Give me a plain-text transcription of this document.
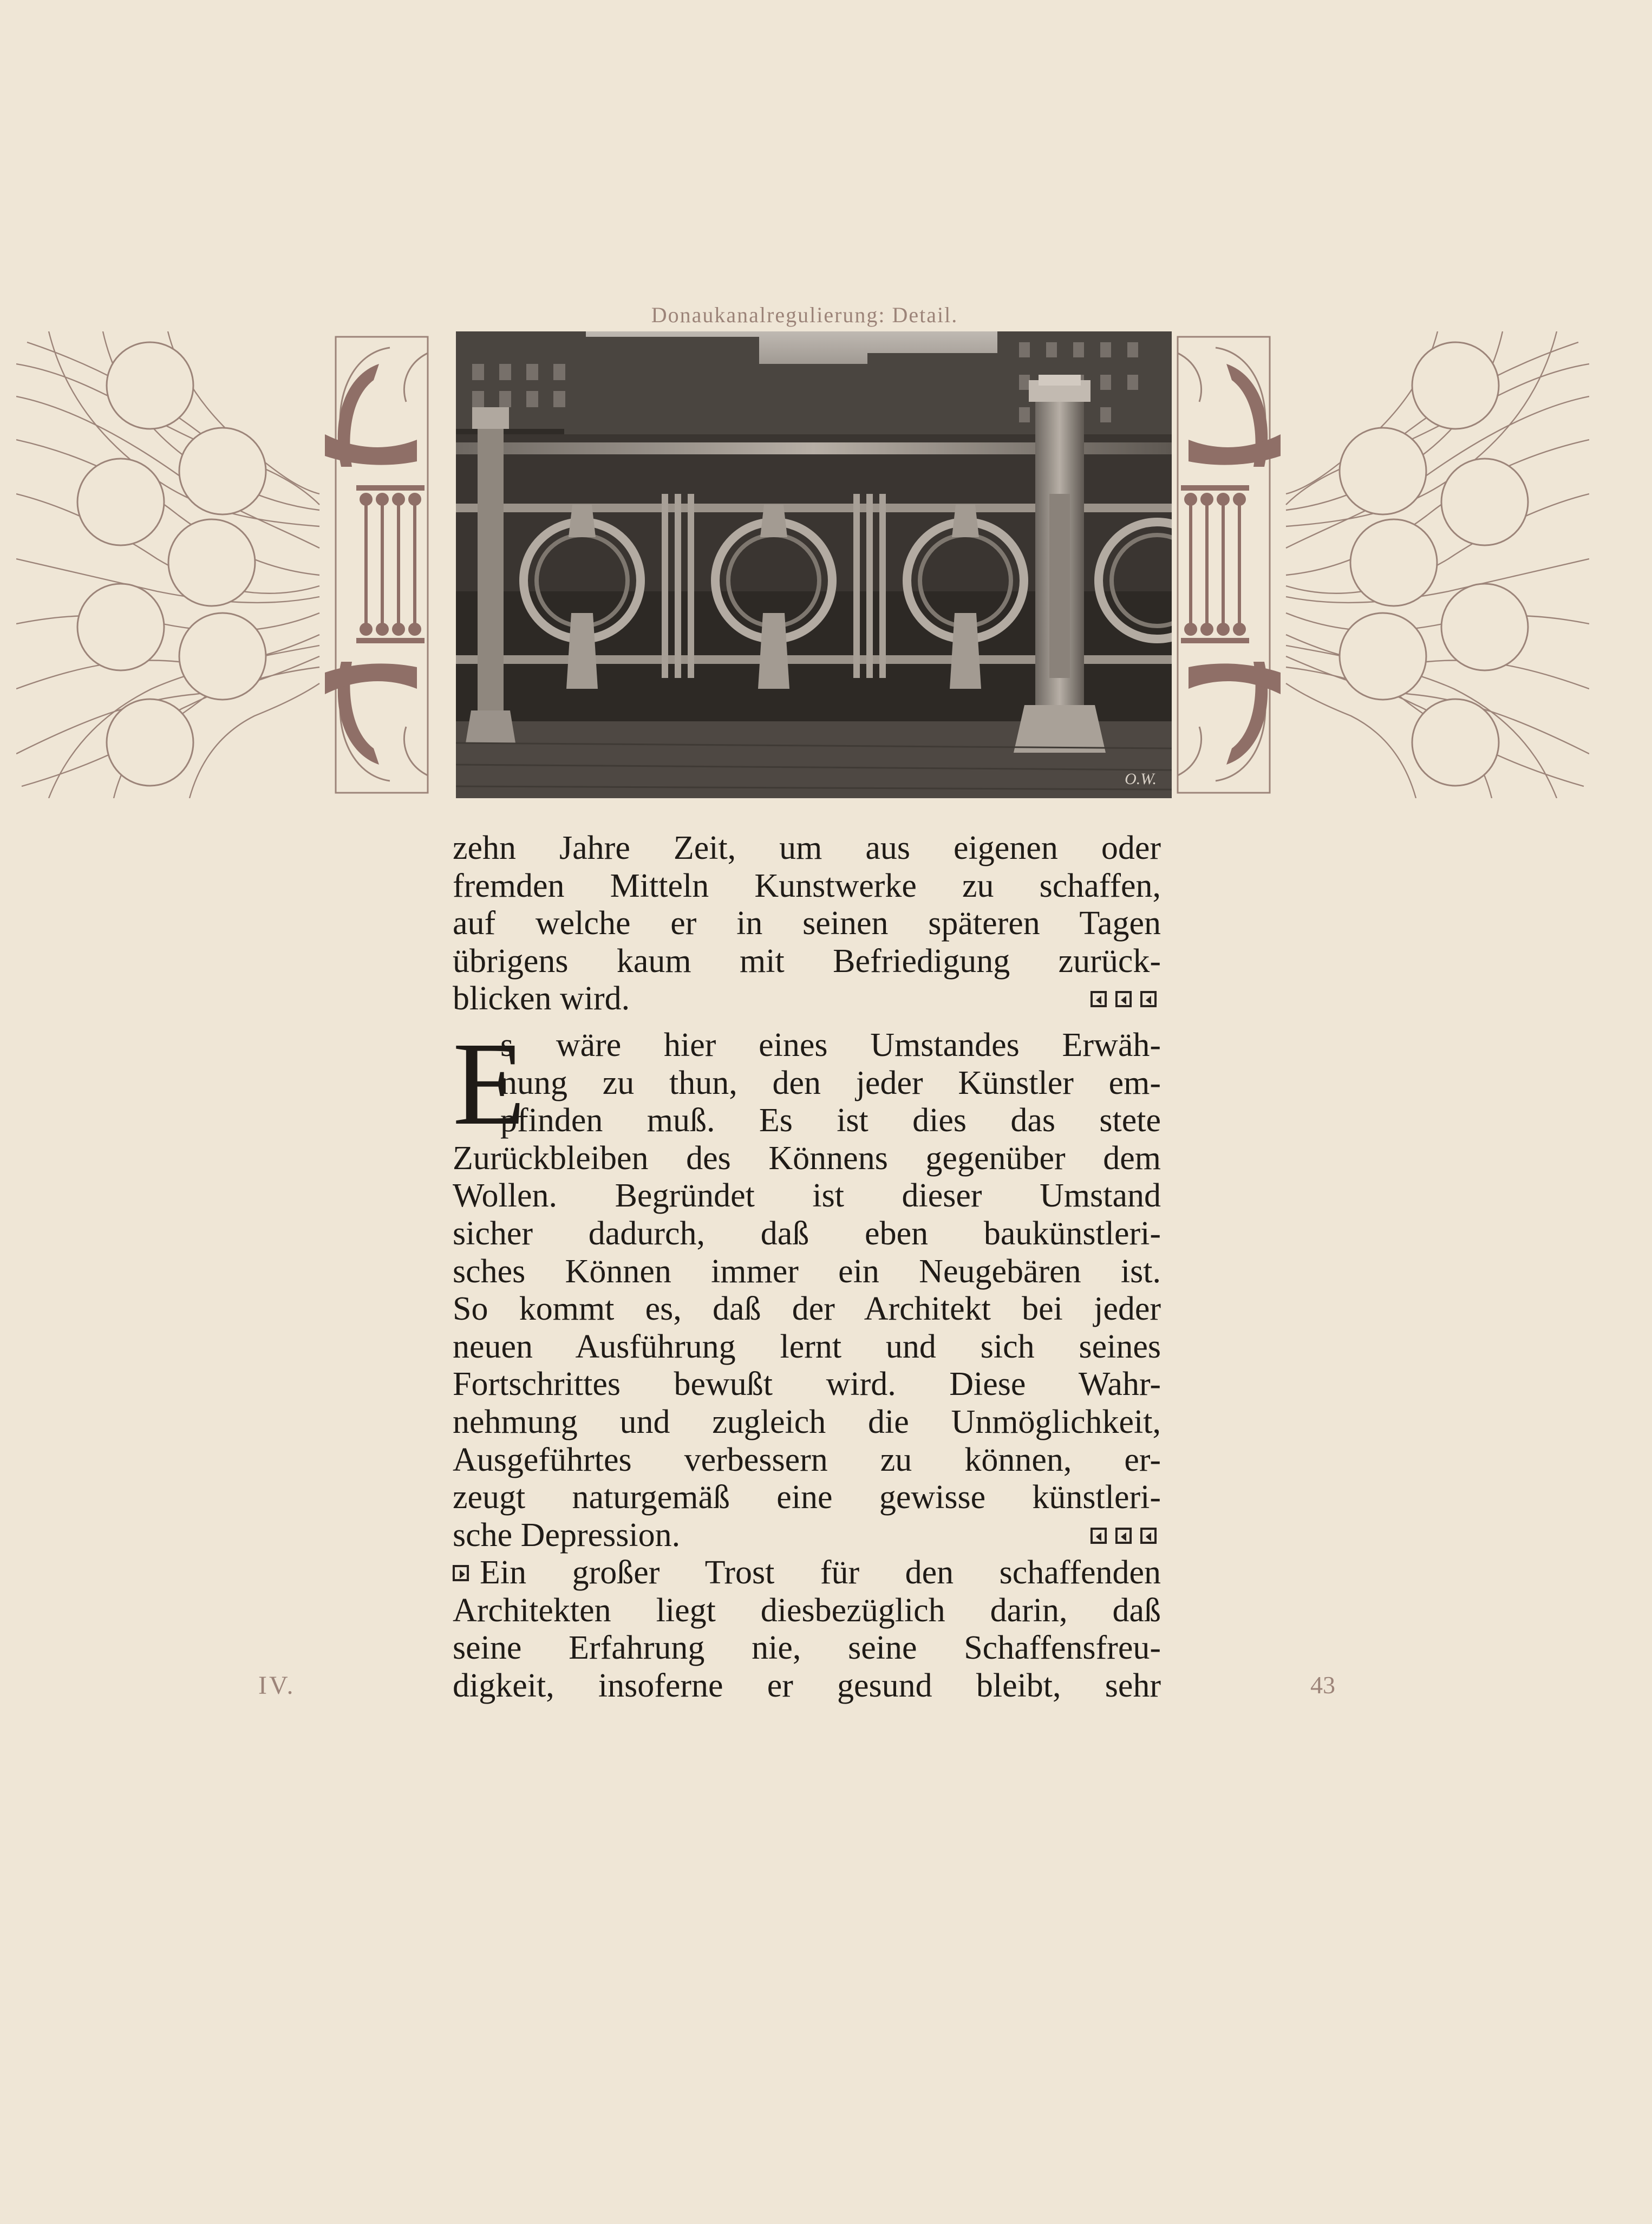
Donaukanalregulierung: Detail.
O.W.
zehn Jahre Zeit, um aus eigenen oder
fremden Mitteln Kunstwerke zu schaffen,
auf welche er in seinen späteren Tagen
übrigens kaum mit Befriedigung zurück-
blicken wird.
E
s wäre hier eines Umstandes Erwäh-
nung zu thun, den jeder Künstler em-
pfinden muß. Es ist dies das stete
Zurückbleiben des Könnens gegenüber dem
Wollen. Begründet ist dieser Umstand
sicher dadurch, daß eben baukünstleri-
sches Können immer ein Neugebären ist.
So kommt es, daß der Architekt bei jeder
neuen Ausführung lernt und sich seines
Fortschrittes bewußt wird. Diese Wahr-
nehmung und zugleich die Unmöglichkeit,
Ausgeführtes verbessern zu können, er-
zeugt naturgemäß eine gewisse künstleri-
sche Depression.
Ein großer Trost für den schaffenden
Architekten liegt diesbezüglich darin, daß
seine Erfahrung nie, seine Schaffensfreu-
digkeit, insoferne er gesund bleibt, sehr
IV.	43
